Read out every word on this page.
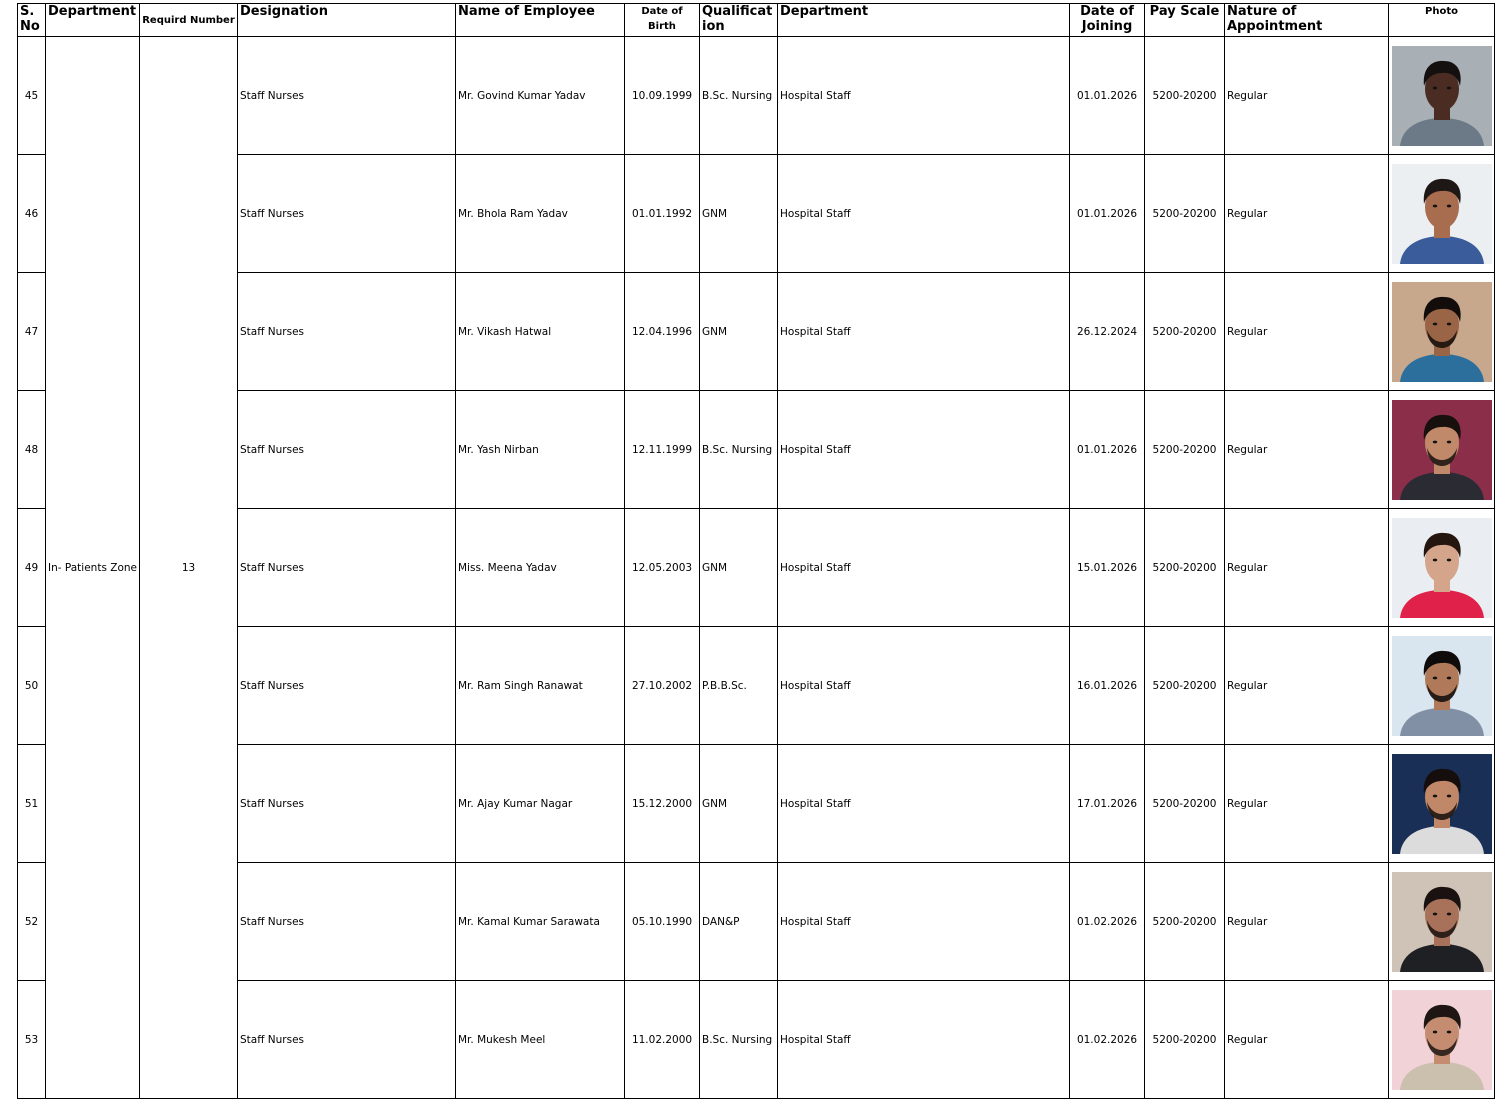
S. No	Department	Requird Number	Designation	Name of Employee	Date of Birth	Qualification	Department	Date of Joining	Pay Scale	Nature of Appointment	Photo
45	In- Patients Zone	13	Staff Nurses	Mr. Govind Kumar Yadav	10.09.1999	B.Sc. Nursing	Hospital Staff	01.01.2026	5200-20200	Regular	

46			Staff Nurses	Mr. Bhola Ram Yadav	01.01.1992	GNM	Hospital Staff	01.01.2026	5200-20200	Regular	

47			Staff Nurses	Mr. Vikash Hatwal	12.04.1996	GNM	Hospital Staff	26.12.2024	5200-20200	Regular	

48			Staff Nurses	Mr. Yash Nirban	12.11.1999	B.Sc. Nursing	Hospital Staff	01.01.2026	5200-20200	Regular	

49			Staff Nurses	Miss. Meena Yadav	12.05.2003	GNM	Hospital Staff	15.01.2026	5200-20200	Regular	

50			Staff Nurses	Mr. Ram Singh Ranawat	27.10.2002	P.B.B.Sc.	Hospital Staff	16.01.2026	5200-20200	Regular	

51			Staff Nurses	Mr. Ajay Kumar Nagar	15.12.2000	GNM	Hospital Staff	17.01.2026	5200-20200	Regular	

52			Staff Nurses	Mr. Kamal Kumar Sarawata	05.10.1990	DAN&P	Hospital Staff	01.02.2026	5200-20200	Regular	

53			Staff Nurses	Mr. Mukesh Meel	11.02.2000	B.Sc. Nursing	Hospital Staff	01.02.2026	5200-20200	Regular	
